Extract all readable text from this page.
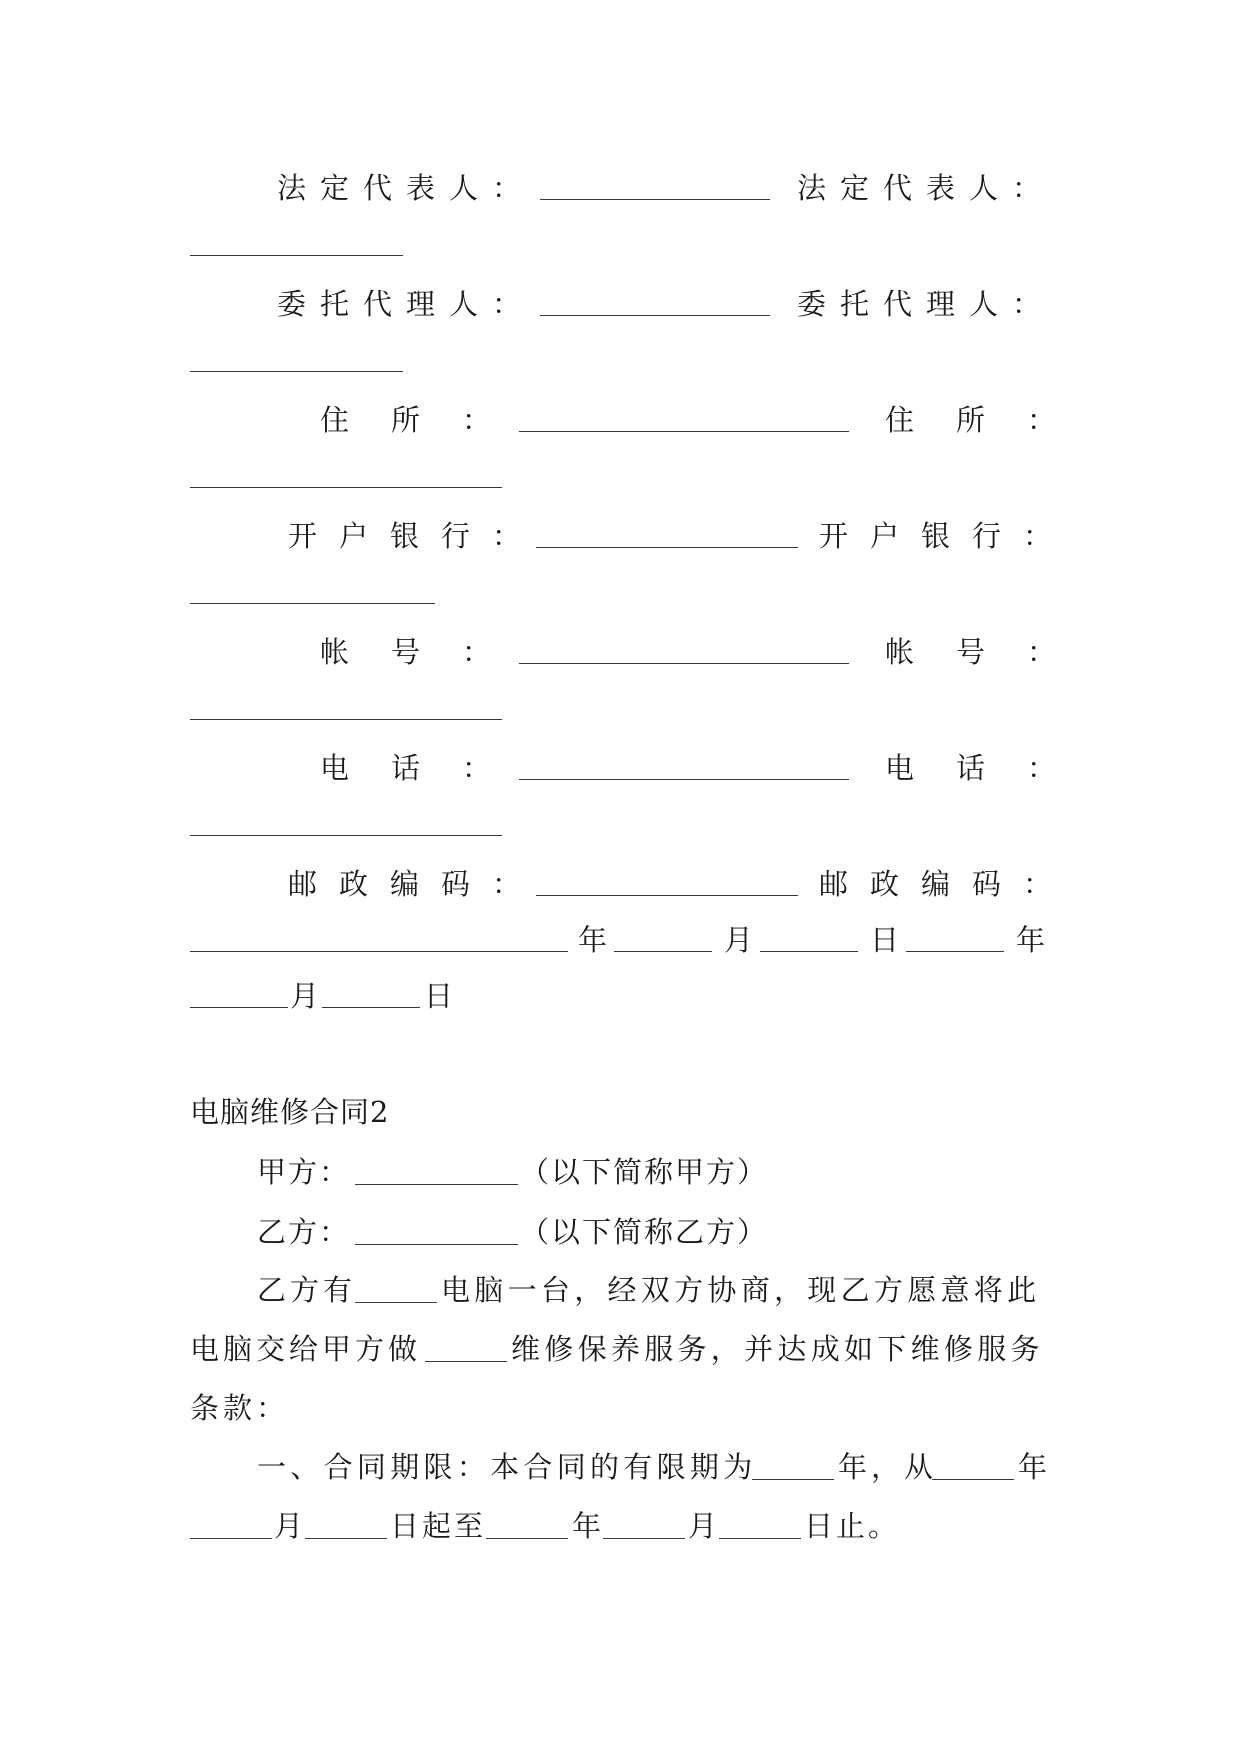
法定代表人：	法定代表人：
委托代理人：	委托代理人：
住所：	住所：
开户银行：	开户银行：
帐号：	帐号：
电话：	电话：
邮政编码：	邮政编码：
年	月	日	年
月	日
电脑维修合同2
甲方：	（以下简称甲方）
乙方：	（以下简称乙方）
乙方有	电脑一台，经双方协商，现乙方愿意将此
电脑交给甲方做	维修保养服务，并达成如下维修服务
条款：
一、合同期限：本合同的有限期为	年，从	年
月	日起至	年	月	日止。
